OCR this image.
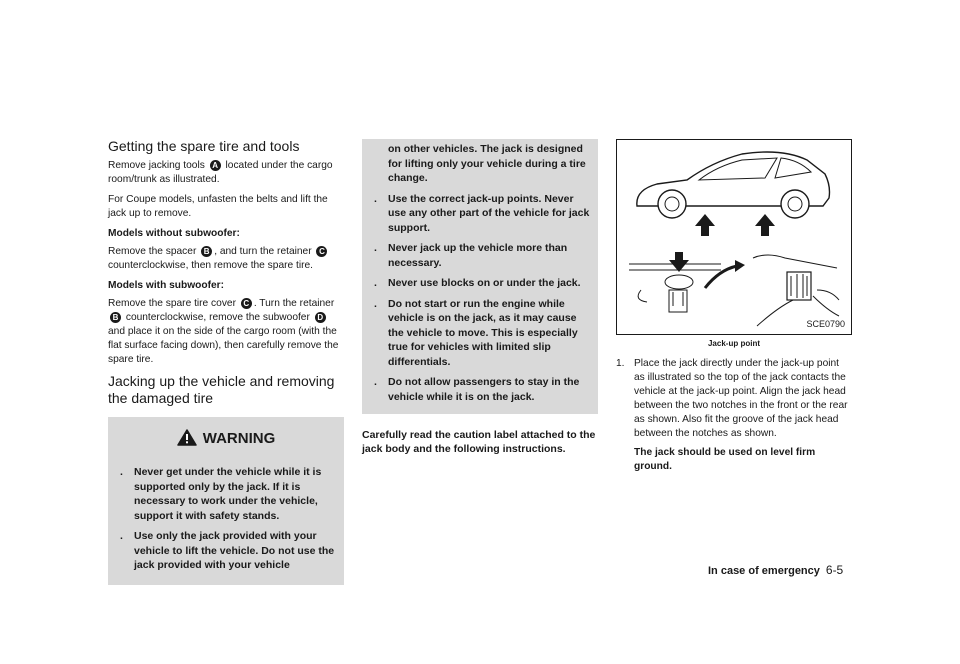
Getting the spare tire and tools

Remove jacking tools A located under the cargo room/trunk as illustrated.

For Coupe models, unfasten the belts and lift the jack up to remove.

Models without subwoofer:

Remove the spacer B , and turn the retainer C counterclockwise, then remove the spare tire.

Models with subwoofer:

Remove the spare tire cover C . Turn the retainer B counterclockwise, remove the subwoofer D and place it on the side of the cargo room (with the flat surface facing down), then carefully remove the spare tire.

Jacking up the vehicle and removing the damaged tire
WARNING
.	Never get under the vehicle while it is supported only by the jack. If it is necessary to work under the vehicle, support it with safety stands.
.	Use only the jack provided with your vehicle to lift the vehicle. Do not use the jack provided with your vehicle
on other vehicles. The jack is designed for lifting only your vehicle during a tire change.
.	Use the correct jack-up points. Never use any other part of the vehicle for jack support.
.	Never jack up the vehicle more than necessary.
.	Never use blocks on or under the jack.
.	Do not start or run the engine while vehicle is on the jack, as it may cause the vehicle to move. This is especially true for vehicles with limited slip differentials.
.	Do not allow passengers to stay in the vehicle while it is on the jack.

Carefully read the caution label attached to the jack body and the following instructions.

SCE0790
Jack-up point
1. Place the jack directly under the jack-up point as illustrated so the top of the jack contacts the vehicle at the jack-up point. Align the jack head between the two notches in the front or the rear as shown. Also fit the groove of the jack head between the notches as shown.

The jack should be used on level firm ground.

In case of emergency 6-5
